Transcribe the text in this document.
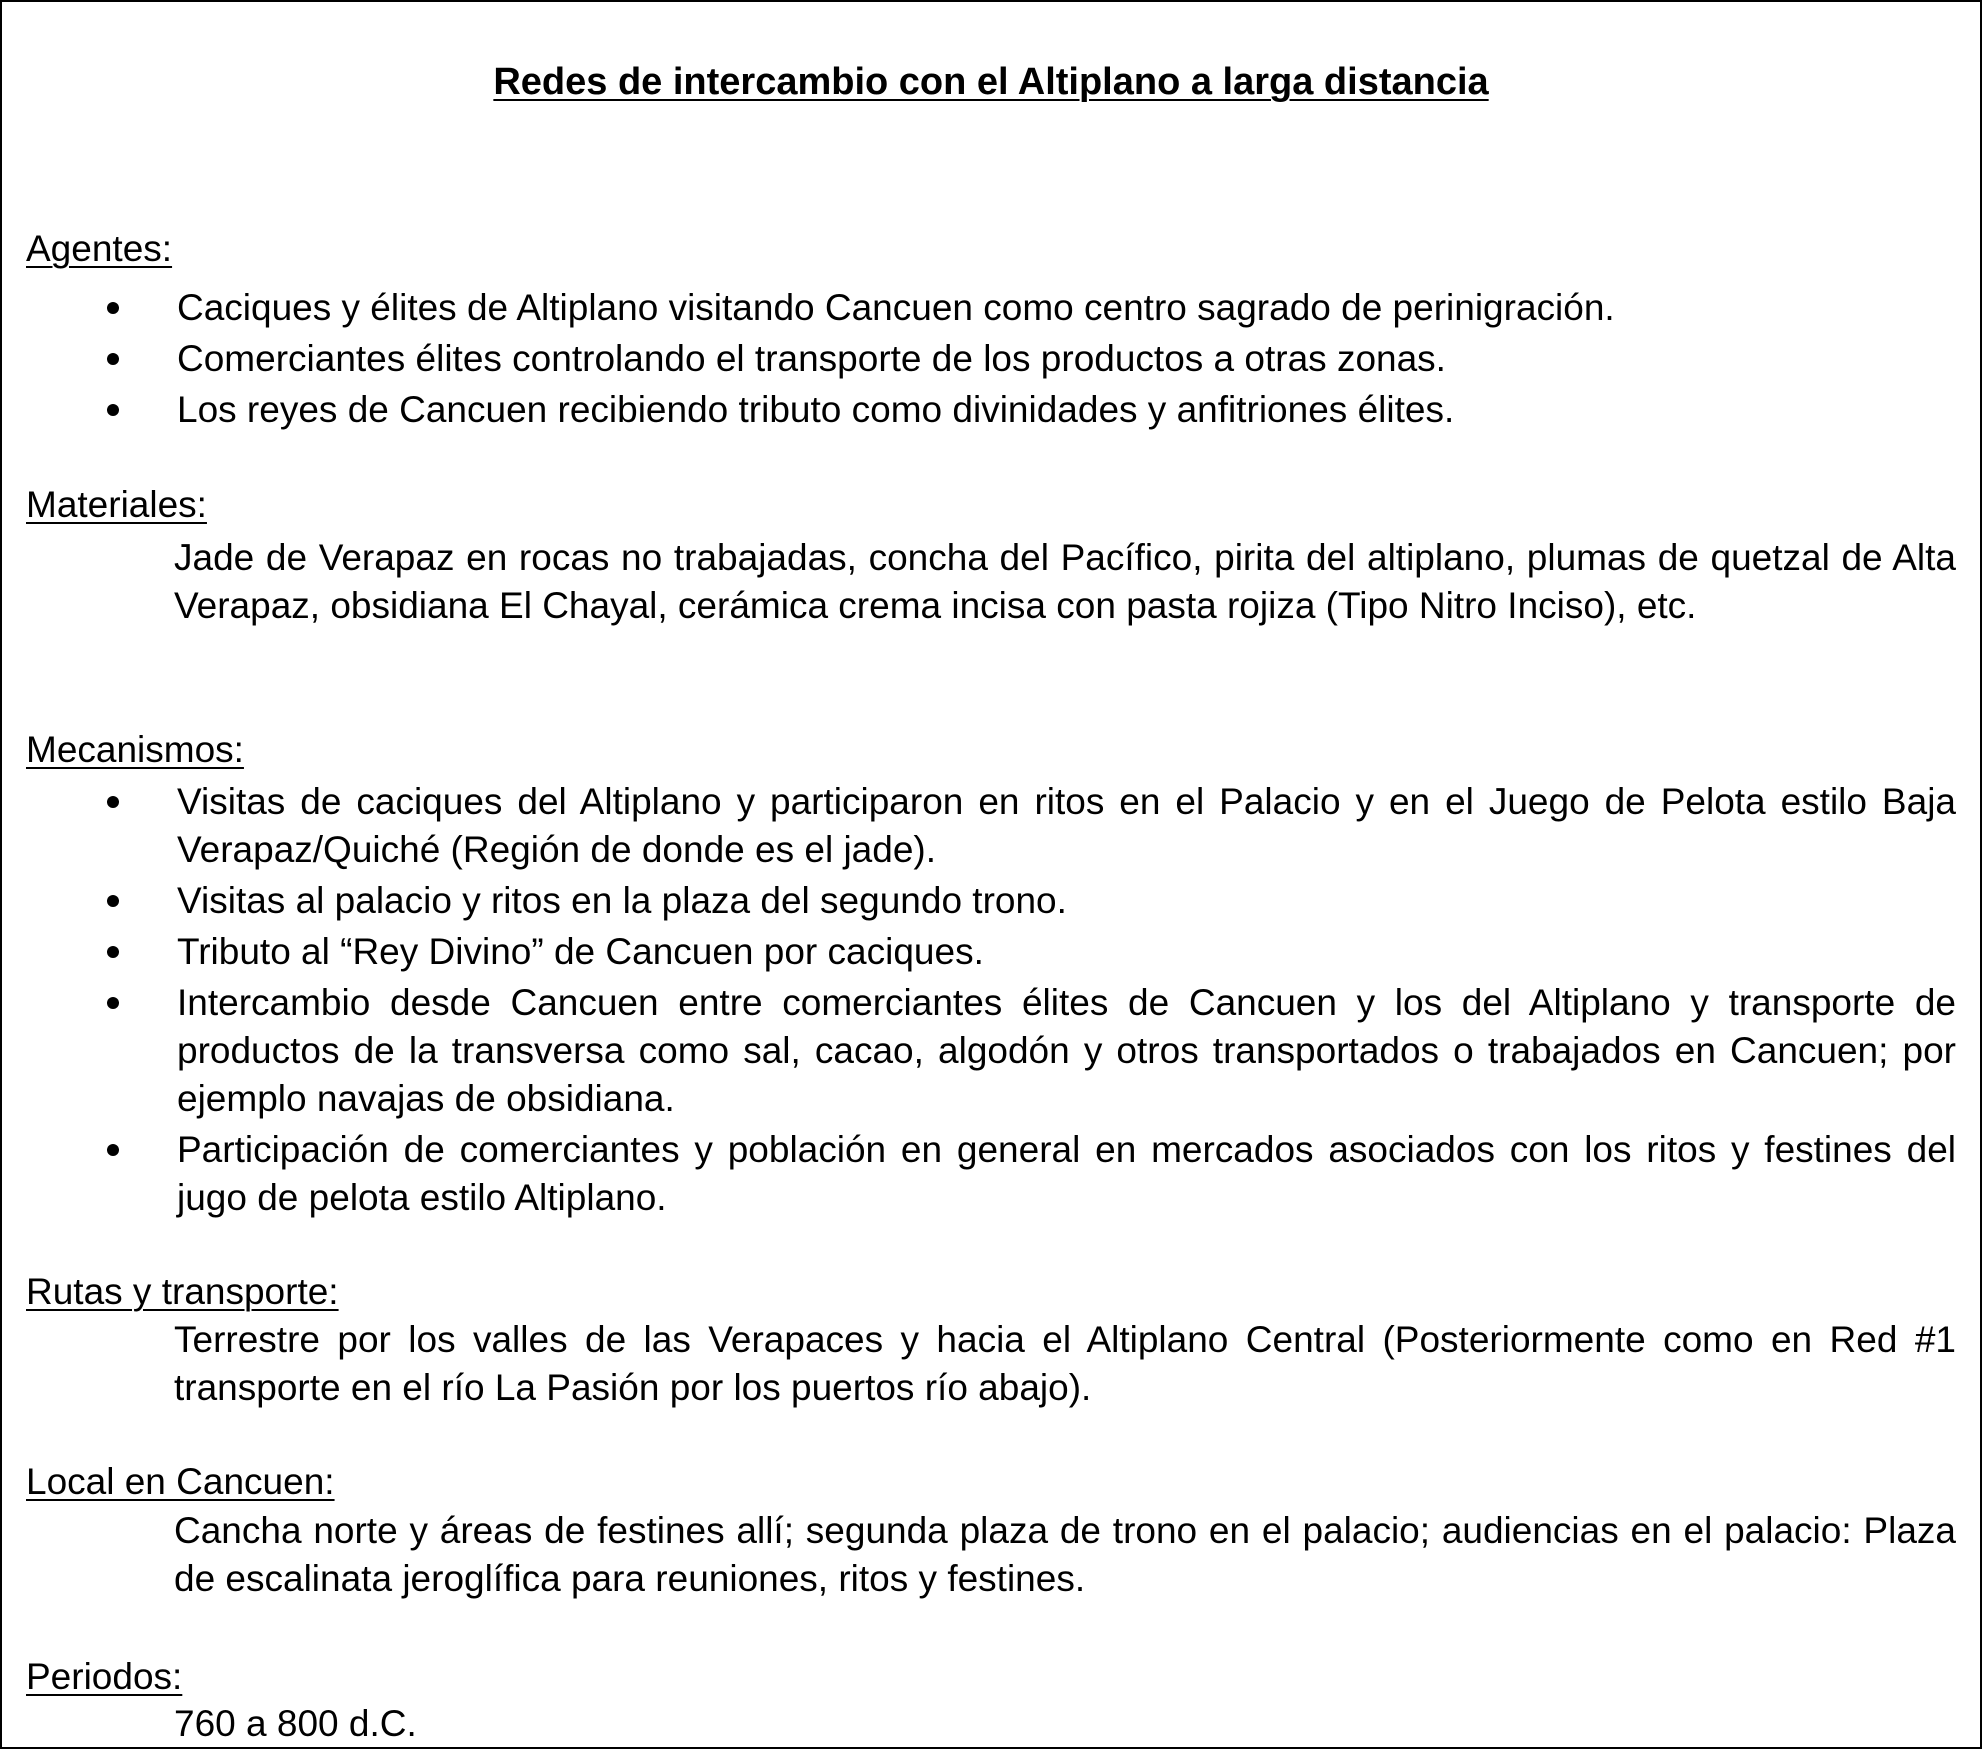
Redes de intercambio con el Altiplano a larga distancia
Agentes:
Caciques y élites de Altiplano visitando Cancuen como centro sagrado de perinigración.
Comerciantes élites controlando el transporte de los productos a otras zonas.
Los reyes de Cancuen recibiendo tributo como divinidades y anfitriones élites.
Materiales:
Jade de Verapaz en rocas no trabajadas, concha del Pacífico, pirita del altiplano, plumas de quetzal de Alta Verapaz, obsidiana El Chayal, cerámica crema incisa con pasta rojiza (Tipo Nitro Inciso), etc.
Mecanismos:
Visitas de caciques del Altiplano y participaron en ritos en el Palacio y en el Juego de Pelota estilo Baja Verapaz/Quiché (Región de donde es el jade).
Visitas al palacio y ritos en la plaza del segundo trono.
Tributo al “Rey Divino” de Cancuen por caciques.
Intercambio desde Cancuen entre comerciantes élites de Cancuen y los del Altiplano y transporte de productos de la transversa como sal, cacao, algodón y otros transportados o trabajados en Cancuen; por ejemplo navajas de obsidiana.
Participación de comerciantes y población en general en mercados asociados con los ritos y festines del jugo de pelota estilo Altiplano.
Rutas y transporte:
Terrestre por los valles de las Verapaces y hacia el Altiplano Central (Posteriormente como en Red #1 transporte en el río La Pasión por los puertos río abajo).
Local en Cancuen:
Cancha norte y áreas de festines allí; segunda plaza de trono en el palacio; audiencias en el palacio: Plaza de escalinata jeroglífica para reuniones, ritos y festines.
Periodos:
760 a 800 d.C.
